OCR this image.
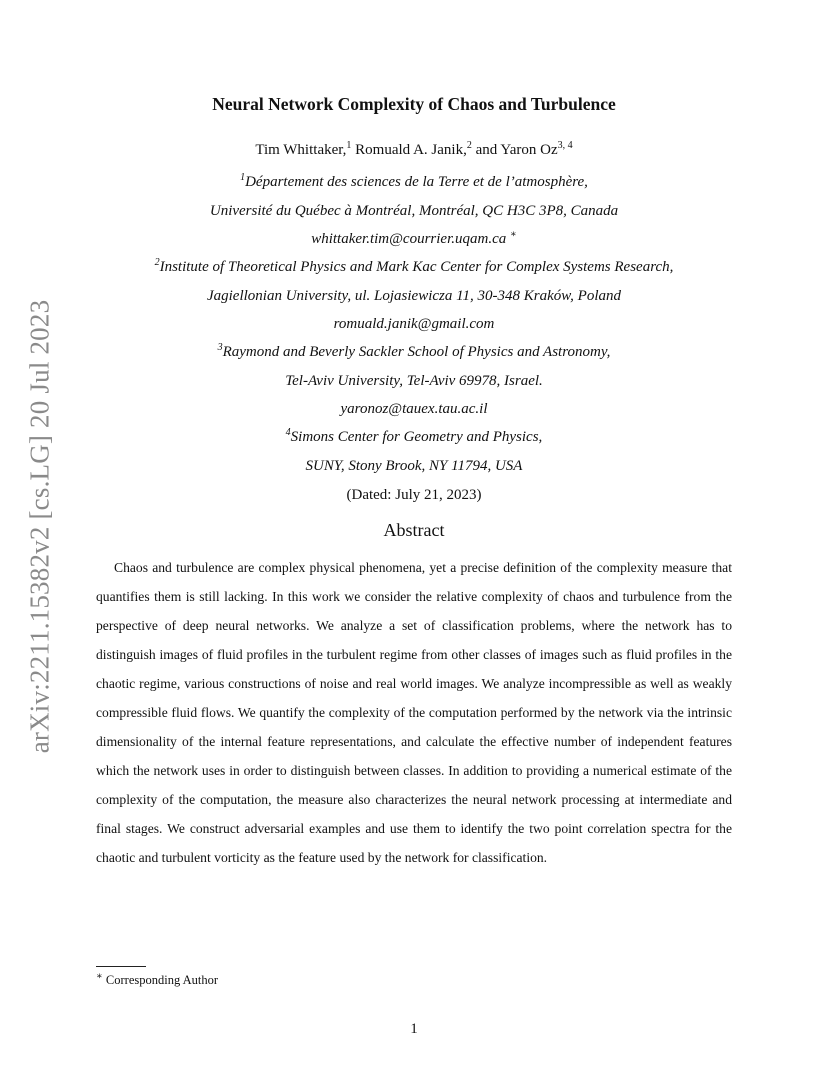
arXiv:2211.15382v2 [cs.LG] 20 Jul 2023
Neural Network Complexity of Chaos and Turbulence
Tim Whittaker,$^1$ Romuald A. Janik,$^2$ and Yaron Oz$^{3, 4}$
$^1$Département des sciences de la Terre et de l’atmosphère,
Université du Québec à Montréal, Montréal, QC H3C 3P8, Canada
whittaker.tim@courrier.uqam.ca ∗
$^2$Institute of Theoretical Physics and Mark Kac Center for Complex Systems Research,
Jagiellonian University, ul. Lojasiewicza 11, 30-348 Kraków, Poland
romuald.janik@gmail.com
$^3$Raymond and Beverly Sackler School of Physics and Astronomy,
Tel-Aviv University, Tel-Aviv 69978, Israel.
yaronoz@tauex.tau.ac.il
$^4$Simons Center for Geometry and Physics,
SUNY, Stony Brook, NY 11794, USA
(Dated: July 21, 2023)
Abstract

Chaos and turbulence are complex physical phenomena, yet a precise definition of the complexity measure that quantifies them is still lacking. In this work we consider the relative complexity of chaos and turbulence from the perspective of deep neural networks. We analyze a set of classification problems, where the network has to distinguish images of fluid profiles in the turbulent regime from other classes of images such as fluid profiles in the chaotic regime, various constructions of noise and real world images. We analyze incompressible as well as weakly compressible fluid flows. We quantify the complexity of the computation performed by the network via the intrinsic dimensionality of the internal feature representations, and calculate the effective number of independent features which the network uses in order to distinguish between classes. In addition to providing a numerical estimate of the complexity of the computation, the measure also characterizes the neural network processing at intermediate and final stages. We construct adversarial examples and use them to identify the two point correlation spectra for the chaotic and turbulent vorticity as the feature used by the network for classification.

∗ Corresponding Author
1
